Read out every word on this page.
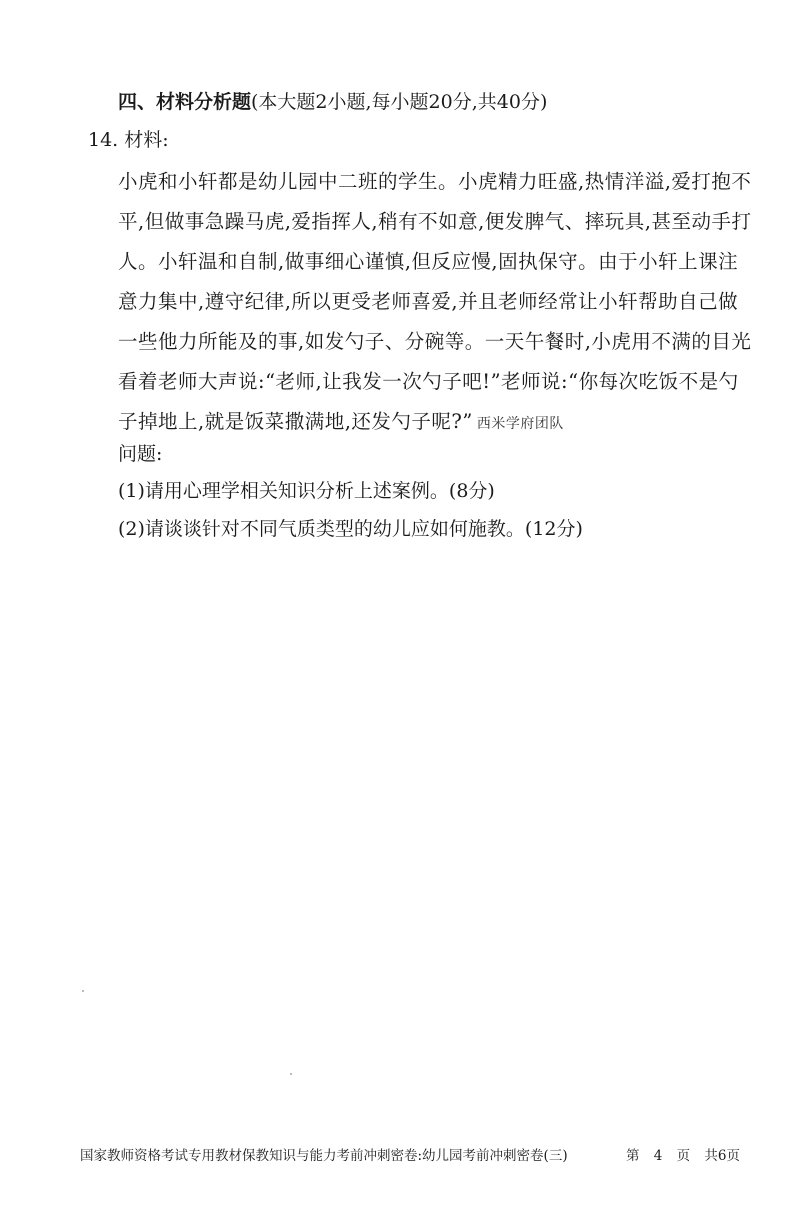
四、材料分析题(本大题2小题,每小题20分,共40分)
14. 材料:
小虎和小轩都是幼儿园中二班的学生。小虎精力旺盛,热情洋溢,爱打抱不
平,但做事急躁马虎,爱指挥人,稍有不如意,便发脾气、摔玩具,甚至动手打
人。小轩温和自制,做事细心谨慎,但反应慢,固执保守。由于小轩上课注
意力集中,遵守纪律,所以更受老师喜爱,并且老师经常让小轩帮助自己做
一些他力所能及的事,如发勺子、分碗等。一天午餐时,小虎用不满的目光
看着老师大声说:“老师,让我发一次勺子吧!”老师说:“你每次吃饭不是勺
子掉地上,就是饭菜撒满地,还发勺子呢?” 西米学府团队
问题:
(1)请用心理学相关知识分析上述案例。(8分)
(2)请谈谈针对不同气质类型的幼儿应如何施教。(12分)
国家教师资格考试专用教材保教知识与能力考前冲刺密卷:幼儿园考前冲刺密卷(三)	第 4 页 共6页
